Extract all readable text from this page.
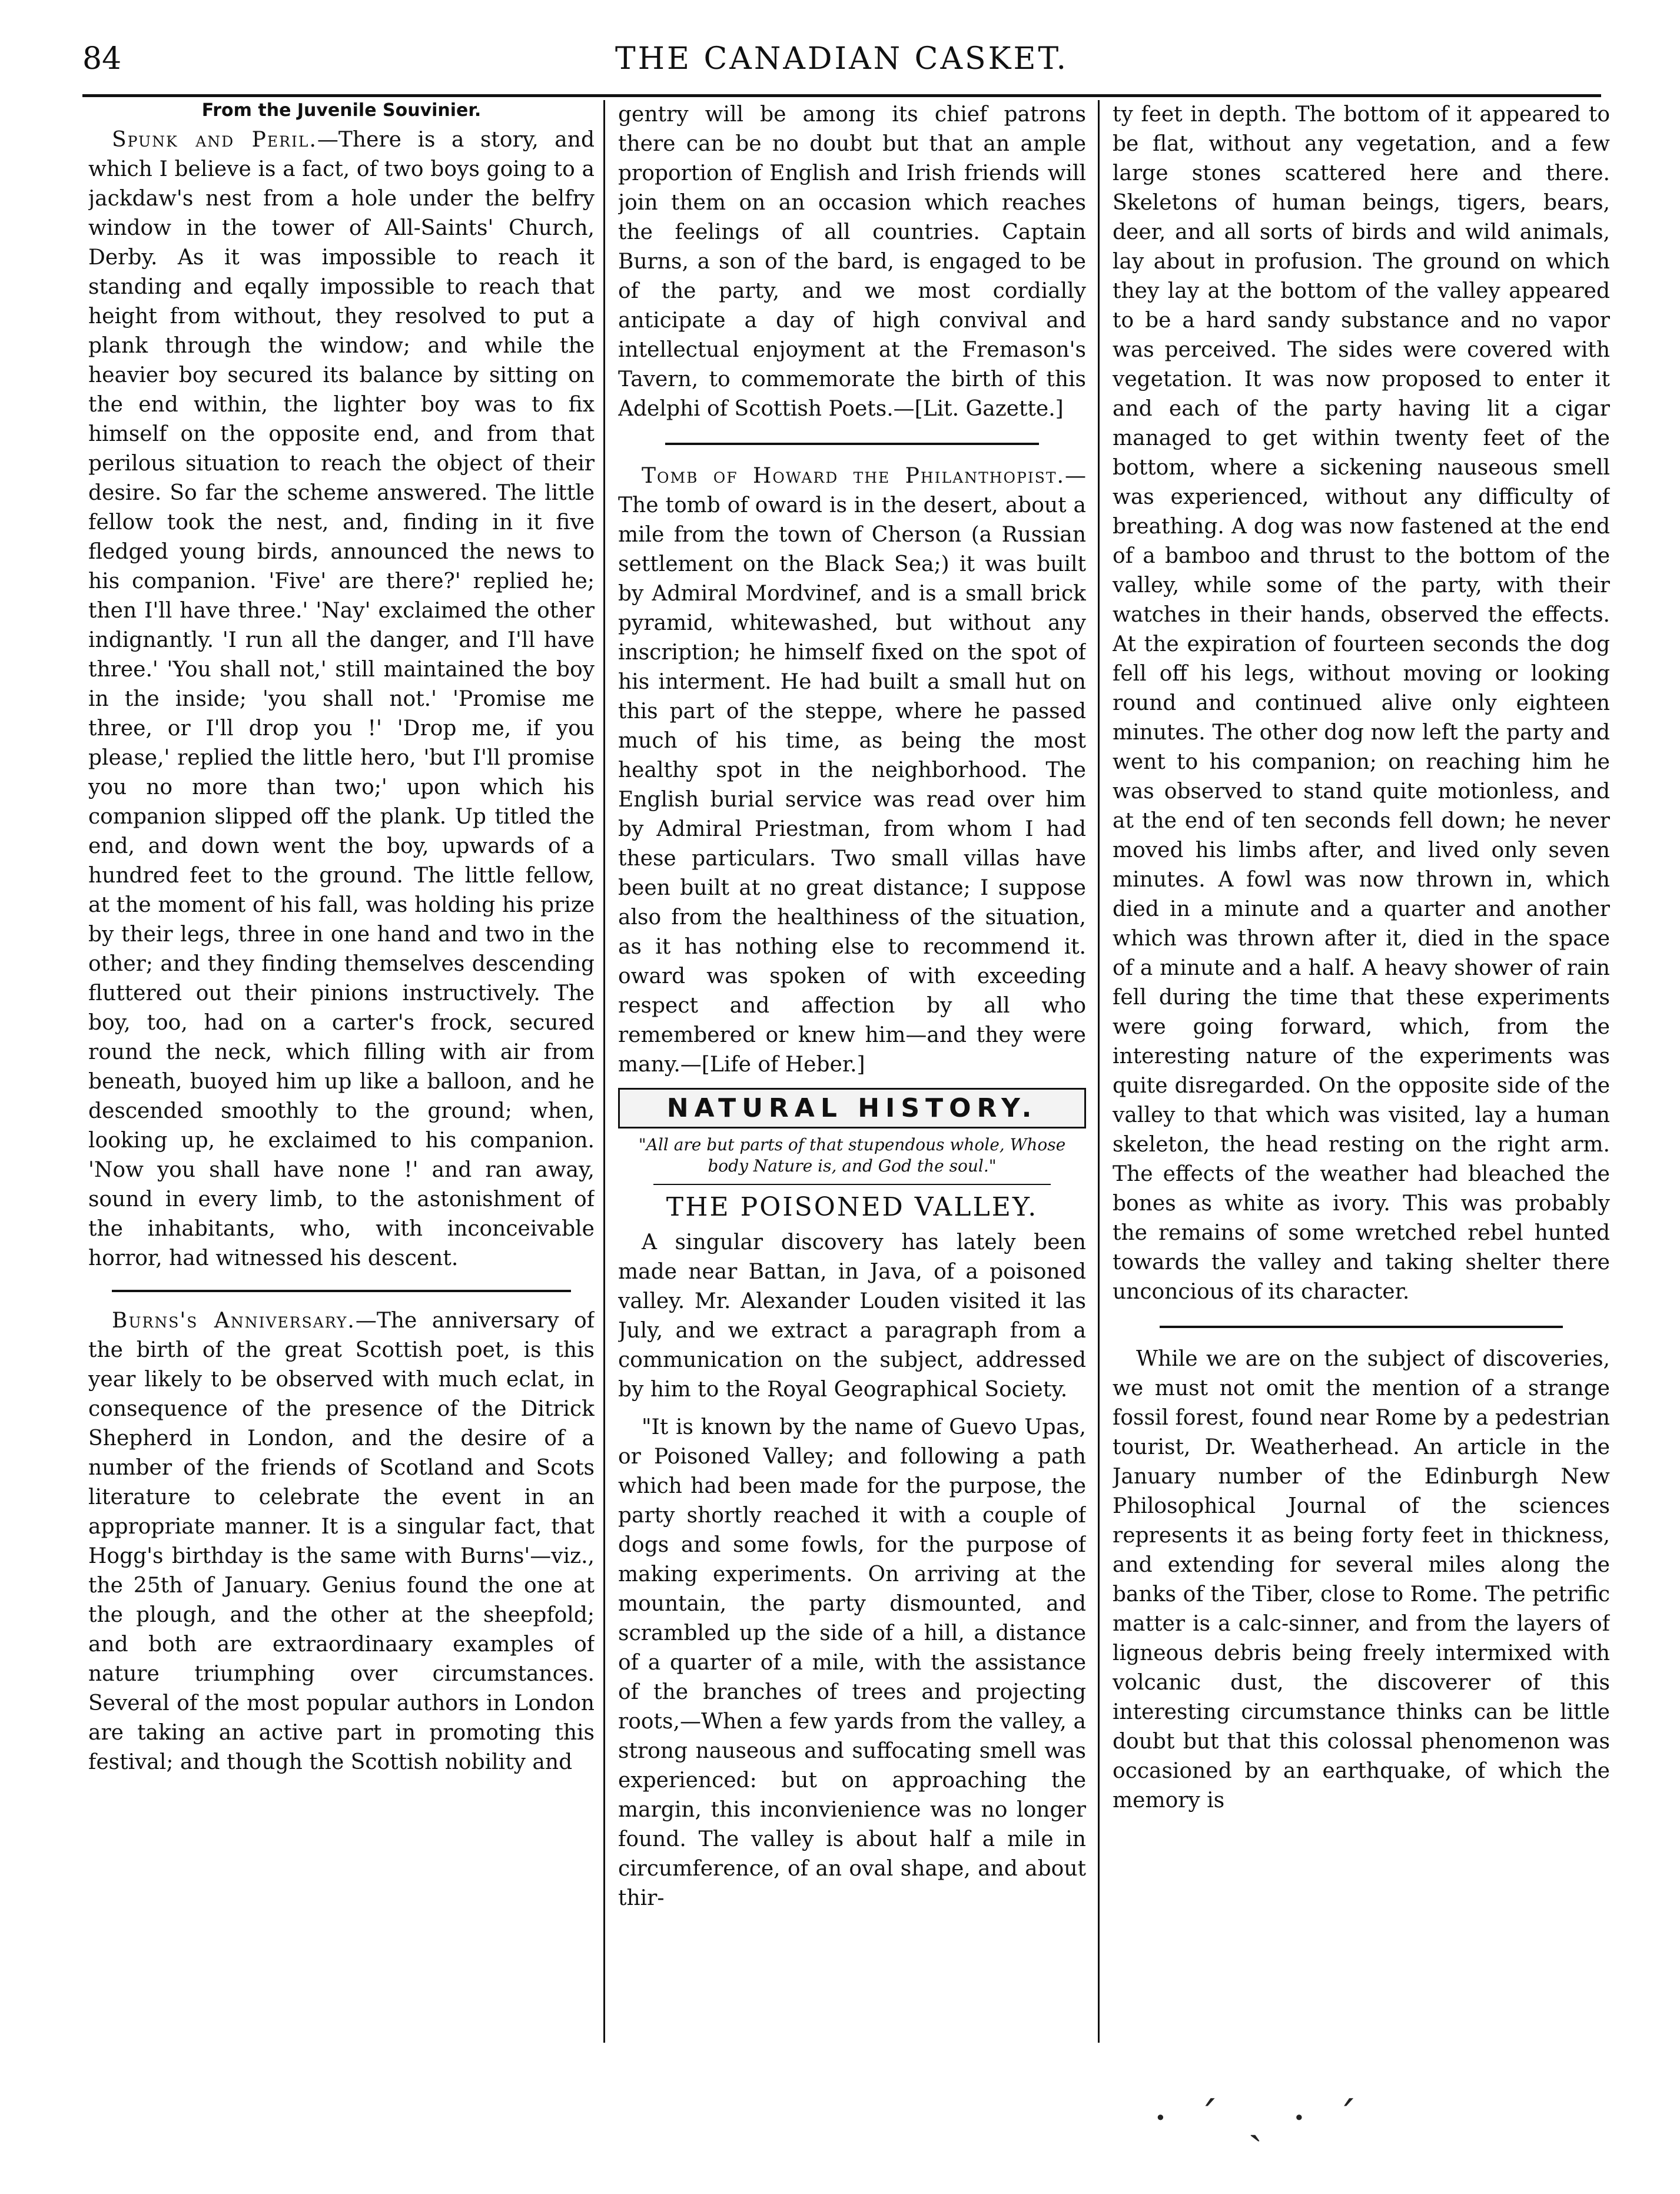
84	THE CANADIAN CASKET.
From the Juvenile Souvinier.

Spunk and Peril.—There is a story, and which I believe is a fact, of two boys going to a jackdaw's nest from a hole under the belfry window in the tower of All-Saints' Church, Derby. As it was impossible to reach it standing and eqally impossible to reach that height from without, they resolved to put a plank through the window; and while the heavier boy secured its balance by sitting on the end within, the lighter boy was to fix himself on the opposite end, and from that perilous situation to reach the object of their desire. So far the scheme answered. The little fellow took the nest, and, finding in it five fledged young birds, announced the news to his companion. 'Five' are there?' replied he; then I'll have three.' 'Nay' exclaimed the other indignantly. 'I run all the danger, and I'll have three.' 'You shall not,' still maintained the boy in the inside; 'you shall not.' 'Promise me three, or I'll drop you !' 'Drop me, if you please,' replied the little hero, 'but I'll promise you no more than two;' upon which his companion slipped off the plank. Up titled the end, and down went the boy, upwards of a hundred feet to the ground. The little fellow, at the moment of his fall, was holding his prize by their legs, three in one hand and two in the other; and they finding themselves descending fluttered out their pinions instructively. The boy, too, had on a carter's frock, secured round the neck, which filling with air from beneath, buoyed him up like a balloon, and he descended smoothly to the ground; when, looking up, he exclaimed to his companion. 'Now you shall have none !' and ran away, sound in every limb, to the astonishment of the inhabitants, who, with inconceivable horror, had witnessed his descent.

Burns's Anniversary.—The anniversary of the birth of the great Scottish poet, is this year likely to be observed with much eclat, in consequence of the presence of the Ditrick Shepherd in London, and the desire of a number of the friends of Scotland and Scots literature to celebrate the event in an appropriate manner. It is a singular fact, that Hogg's birthday is the same with Burns'—viz., the 25th of January. Genius found the one at the plough, and the other at the sheepfold; and both are extraordinaary examples of nature triumphing over circumstances. Several of the most popular authors in London are taking an active part in promoting this festival; and though the Scottish nobility and

gentry will be among its chief patrons there can be no doubt but that an ample proportion of English and Irish friends will join them on an occasion which reaches the feelings of all countries. Captain Burns, a son of the bard, is engaged to be of the party, and we most cordially anticipate a day of high convival and intellectual enjoyment at the Fremason's Tavern, to commemorate the birth of this Adelphi of Scottish Poets.—[Lit. Gazette.]

Tomb of Howard the Philanthopist.—The tomb of oward is in the desert, about a mile from the town of Cherson (a Russian settlement on the Black Sea;) it was built by Admiral Mordvinef, and is a small brick pyramid, whitewashed, but without any inscription; he himself fixed on the spot of his interment. He had built a small hut on this part of the steppe, where he passed much of his time, as being the most healthy spot in the neighborhood. The English burial service was read over him by Admiral Priestman, from whom I had these particulars. Two small villas have been built at no great distance; I suppose also from the healthiness of the situation, as it has nothing else to recommend it. oward was spoken of with exceeding respect and affection by all who remembered or knew him—and they were many.—[Life of Heber.]

NATURAL HISTORY.
"All are but parts of that stupendous whole, Whose body Nature is, and God the soul."
THE POISONED VALLEY.

A singular discovery has lately been made near Battan, in Java, of a poisoned valley. Mr. Alexander Louden visited it las July, and we extract a paragraph from a communication on the subject, addressed by him to the Royal Geographical Society.

"It is known by the name of Guevo Upas, or Poisoned Valley; and following a path which had been made for the purpose, the party shortly reached it with a couple of dogs and some fowls, for the purpose of making experiments. On arriving at the mountain, the party dismounted, and scrambled up the side of a hill, a distance of a quarter of a mile, with the assistance of the branches of trees and projecting roots,—When a few yards from the valley, a strong nauseous and suffocating smell was experienced: but on approaching the margin, this inconvienience was no longer found. The valley is about half a mile in circumference, of an oval shape, and about thir-

ty feet in depth. The bottom of it appeared to be flat, without any vegetation, and a few large stones scattered here and there. Skeletons of human beings, tigers, bears, deer, and all sorts of birds and wild animals, lay about in profusion. The ground on which they lay at the bottom of the valley appeared to be a hard sandy substance and no vapor was perceived. The sides were covered with vegetation. It was now proposed to enter it and each of the party having lit a cigar managed to get within twenty feet of the bottom, where a sickening nauseous smell was experienced, without any difficulty of breathing. A dog was now fastened at the end of a bamboo and thrust to the bottom of the valley, while some of the party, with their watches in their hands, observed the effects. At the expiration of fourteen seconds the dog fell off his legs, without moving or looking round and continued alive only eighteen minutes. The other dog now left the party and went to his companion; on reaching him he was observed to stand quite motionless, and at the end of ten seconds fell down; he never moved his limbs after, and lived only seven minutes. A fowl was now thrown in, which died in a minute and a quarter and another which was thrown after it, died in the space of a minute and a half. A heavy shower of rain fell during the time that these experiments were going forward, which, from the interesting nature of the experiments was quite disregarded. On the opposite side of the valley to that which was visited, lay a human skeleton, the head resting on the right arm. The effects of the weather had bleached the bones as white as ivory. This was probably the remains of some wretched rebel hunted towards the valley and taking shelter there unconcious of its character.

While we are on the subject of discoveries, we must not omit the mention of a strange fossil forest, found near Rome by a pedestrian tourist, Dr. Weatherhead. An article in the January number of the Edinburgh New Philosophical Journal of the sciences represents it as being forty feet in thickness, and extending for several miles along the banks of the Tiber, close to Rome. The petrific matter is a calc-sinner, and from the layers of ligneous debris being freely intermixed with volcanic dust, the discoverer of this interesting circumstance thinks can be little doubt but that this colossal phenomenon was occasioned by an earthquake, of which the memory is

· ˊ ˎ · ˊ
